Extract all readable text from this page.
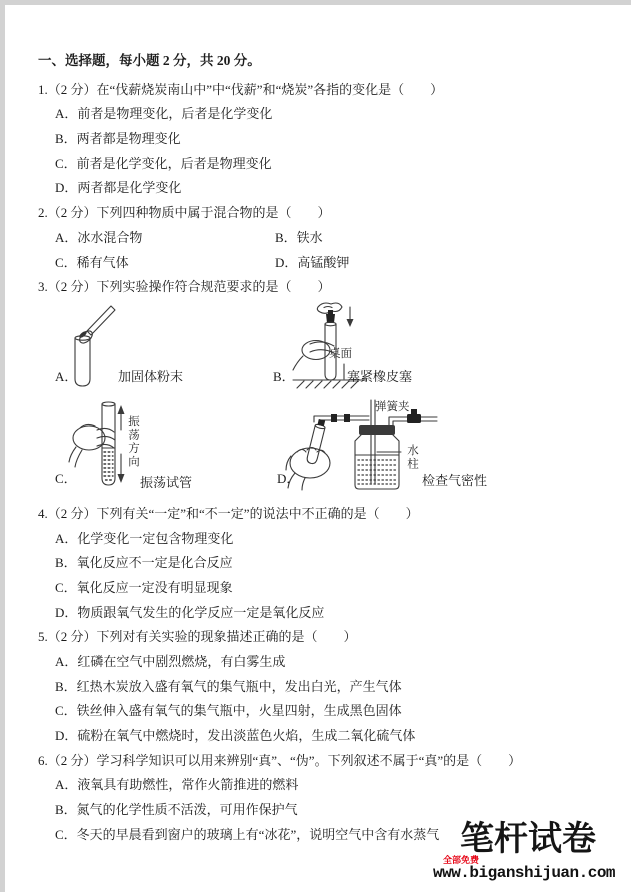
一、选择题，每小题 2 分，共 20 分。
1.（2 分）在“伐薪烧炭南山中”中“伐薪”和“烧炭”各指的变化是（　　）
A．前者是物理变化，后者是化学变化
B．两者都是物理变化
C．前者是化学变化，后者是物理变化
D．两者都是化学变化
2.（2 分）下列四种物质中属于混合物的是（　　）
A．冰水混合物	B．铁水
C．稀有气体	D．高锰酸钾
3.（2 分）下列实验操作符合规范要求的是（　　）
A．	加固体粉末
桌面
B．	塞紧橡皮塞
振荡方向
C．	振荡试管
弹簧夹
水柱
D．	检查气密性
4.（2 分）下列有关“一定”和“不一定”的说法中不正确的是（　　）
A．化学变化一定包含物理变化
B．氧化反应不一定是化合反应
C．氧化反应一定没有明显现象
D．物质跟氧气发生的化学反应一定是氧化反应
5.（2 分）下列对有关实验的现象描述正确的是（　　）
A．红磷在空气中剧烈燃烧，有白雾生成
B．红热木炭放入盛有氧气的集气瓶中，发出白光，产生气体
C．铁丝伸入盛有氧气的集气瓶中，火星四射，生成黑色固体
D．硫粉在氧气中燃烧时，发出淡蓝色火焰，生成二氧化硫气体
6.（2 分）学习科学知识可以用来辨别“真”、“伪”。下列叙述不属于“真”的是（　　）
A．液氧具有助燃性，常作火箭推进的燃料
B．氮气的化学性质不活泼，可用作保护气
C．冬天的早晨看到窗户的玻璃上有“冰花”，说明空气中含有水蒸气
全部免费
笔杆试卷
www.biganshijuan.com
